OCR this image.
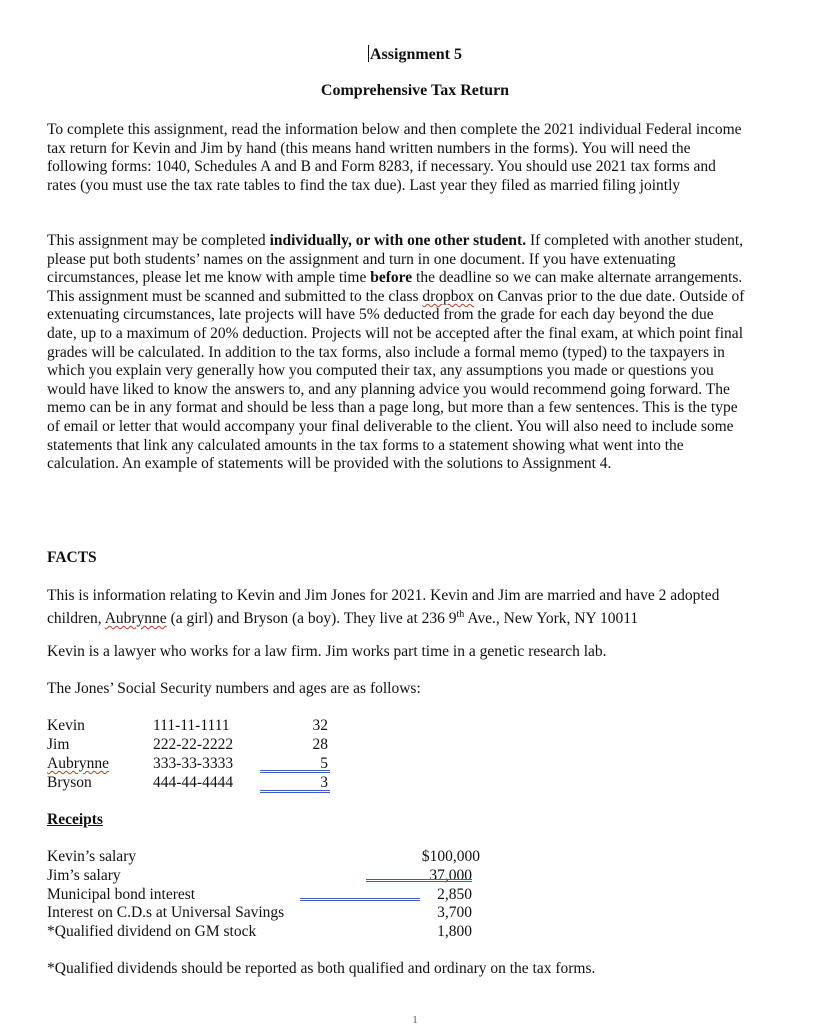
Assignment 5
Comprehensive Tax Return

To complete this assignment, read the information below and then complete the 2021 individual Federal income tax return for Kevin and Jim by hand (this means hand written numbers in the forms). You will need the following forms: 1040, Schedules A and B and Form 8283, if necessary. You should use 2021 tax forms and rates (you must use the tax rate tables to find the tax due). Last year they filed as married filing jointly

This assignment may be completed individually, or with one other student. If completed with another student, please put both students’ names on the assignment and turn in one document. If you have extenuating circumstances, please let me know with ample time before the deadline so we can make alternate arrangements. This assignment must be scanned and submitted to the class dropbox on Canvas prior to the due date. Outside of extenuating circumstances, late projects will have 5% deducted from the grade for each day beyond the due date, up to a maximum of 20% deduction. Projects will not be accepted after the final exam, at which point final grades will be calculated. In addition to the tax forms, also include a formal memo (typed) to the taxpayers in which you explain very generally how you computed their tax, any assumptions you made or questions you would have liked to know the answers to, and any planning advice you would recommend going forward. The memo can be in any format and should be less than a page long, but more than a few sentences. This is the type of email or letter that would accompany your final deliverable to the client. You will also need to include some statements that link any calculated amounts in the tax forms to a statement showing what went into the calculation. An example of statements will be provided with the solutions to Assignment 4.

FACTS

This is information relating to Kevin and Jim Jones for 2021. Kevin and Jim are married and have 2 adopted children, Aubrynne (a girl) and Bryson (a boy). They live at 236 9th Ave., New York, NY 10011

Kevin is a lawyer who works for a law firm. Jim works part time in a genetic research lab.

The Jones’ Social Security numbers and ages are as follows:

Kevin	111-11-1111	32
Jim	222-22-2222	28
Aubrynne	333-33-3333	5
Bryson	444-44-4444	3
Receipts
Kevin’s salary	$100,000
Jim’s salary	37,000
Municipal bond interest	2,850
Interest on C.D.s at Universal Savings	3,700
*Qualified dividend on GM stock	1,800

*Qualified dividends should be reported as both qualified and ordinary on the tax forms.

1
